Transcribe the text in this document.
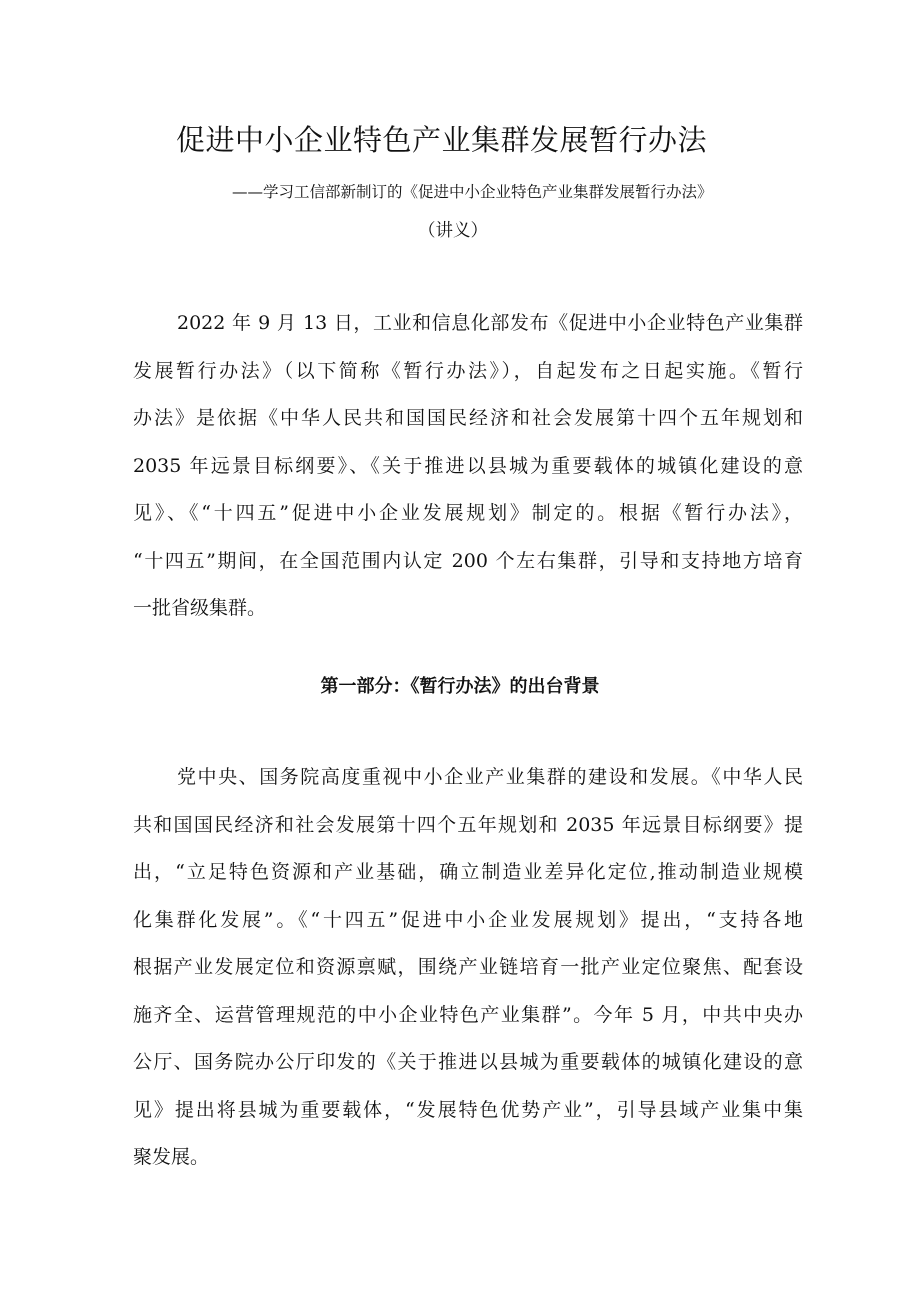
促进中小企业特色产业集群发展暂行办法

——学习工信部新制订的《促进中小企业特色产业集群发展暂行办法》

（讲义）

2022 年 9 月 13 日，工业和信息化部发布《促进中小企业特色产业集群
发展暂行办法》（以下简称《暂行办法》），自起发布之日起实施。《暂行
办法》是依据《中华人民共和国国民经济和社会发展第十四个五年规划和
2035 年远景目标纲要》、《关于推进以县城为重要载体的城镇化建设的意
见》、《“十四五”促进中小企业发展规划》制定的。根据《暂行办法》，
“十四五”期间，在全国范围内认定 200 个左右集群，引导和支持地方培育
一批省级集群。
第一部分：《暂行办法》的出台背景
党中央、国务院高度重视中小企业产业集群的建设和发展。《中华人民
共和国国民经济和社会发展第十四个五年规划和 2035 年远景目标纲要》提
出，“立足特色资源和产业基础，确立制造业差异化定位,推动制造业规模
化集群化发展”。《“十四五”促进中小企业发展规划》提出，“支持各地
根据产业发展定位和资源禀赋，围绕产业链培育一批产业定位聚焦、配套设
施齐全、运营管理规范的中小企业特色产业集群”。今年 5 月，中共中央办
公厅、国务院办公厅印发的《关于推进以县城为重要载体的城镇化建设的意
见》提出将县城为重要载体，“发展特色优势产业”，引导县域产业集中集
聚发展。
